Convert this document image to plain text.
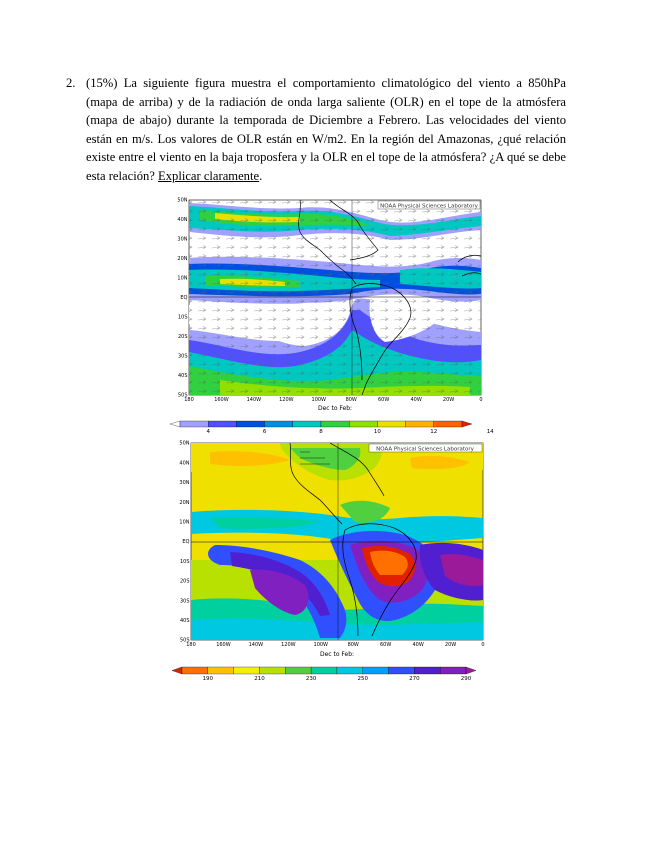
2. (15%) La siguiente figura muestra el comportamiento climatológico del viento a 850hPa (mapa de arriba) y de la radiación de onda larga saliente (OLR) en el tope de la atmósfera (mapa de abajo) durante la temporada de Diciembre a Febrero. Las velocidades del viento están en m/s. Los valores de OLR están en W/m2. En la región del Amazonas, ¿qué relación existe entre el viento en la baja troposfera y la OLR en el tope de la atmósfera? ¿A qué se debe esta relación? Explicar claramente.
NOAA Physical Sciences Laboratory
50N
40N
30N
20N
10N
EQ
10S
20S
30S
40S
50S
180	160W	140W	120W	100W	80W	60W	40W	20W	0
Dec to Feb:
4	6	8	10	12	14
NOAA Physical Sciences Laboratory
50N
40N
30N
20N
10N
EQ
10S
20S
30S
40S
50S
180	160W	140W	120W	100W	80W	60W	40W	20W	0
Dec to Feb:
190	210	230	250	270	290
